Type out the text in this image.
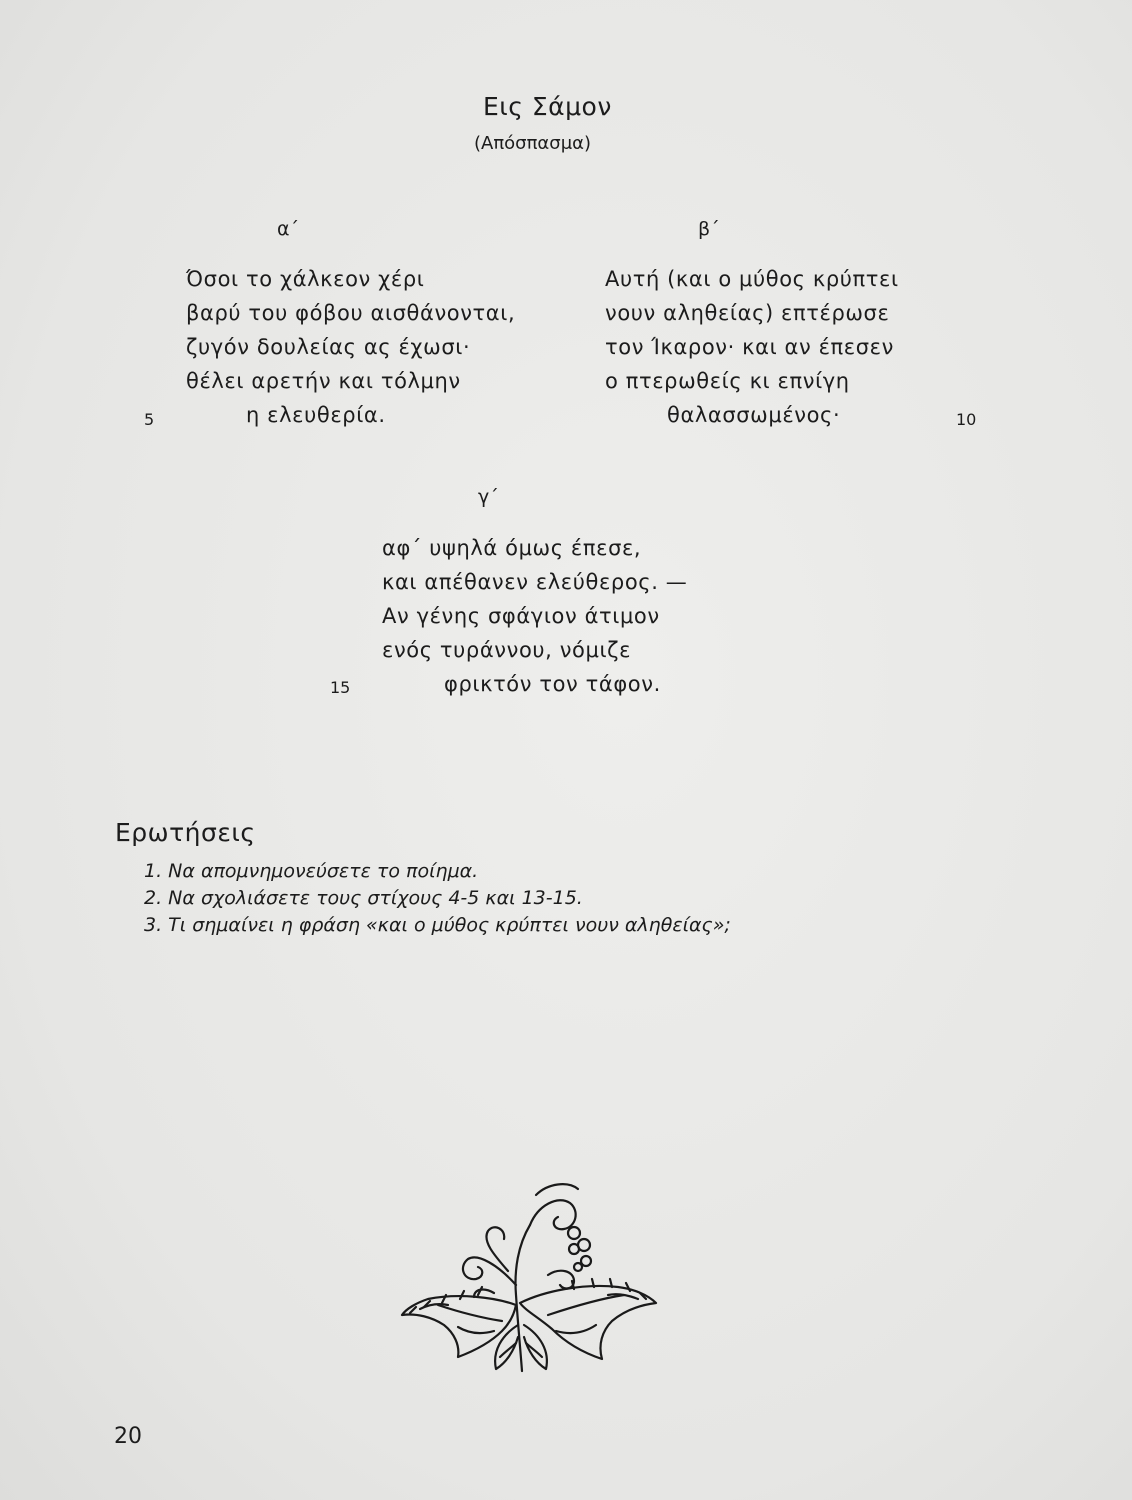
Εις Σάμον
(Απόσπασμα)
α΄
Όσοι το χάλκεον χέρι
βαρύ του φόβου αισθάνονται,
ζυγόν δουλείας ας έχωσι·
θέλει αρετήν και τόλμην
η ελευθερία.
5
β΄
Αυτή (και ο μύθος κρύπτει
νουν αληθείας) επτέρωσε
τον Ίκαρον· και αν έπεσεν
ο πτερωθείς κι επνίγη
θαλασσωμένος·	10
γ΄
αφ΄ υψηλά όμως έπεσε,
και απέθανεν ελεύθερος. —
Αν γένης σφάγιον άτιμον
ενός τυράννου, νόμιζε
φρικτόν τον τάφον.
15
Ερωτήσεις
1. Να απομνημονεύσετε το ποίημα.
2. Να σχολιάσετε τους στίχους 4-5 και 13-15.
3. Τι σημαίνει η φράση «και ο μύθος κρύπτει νουν αληθείας»;
20
